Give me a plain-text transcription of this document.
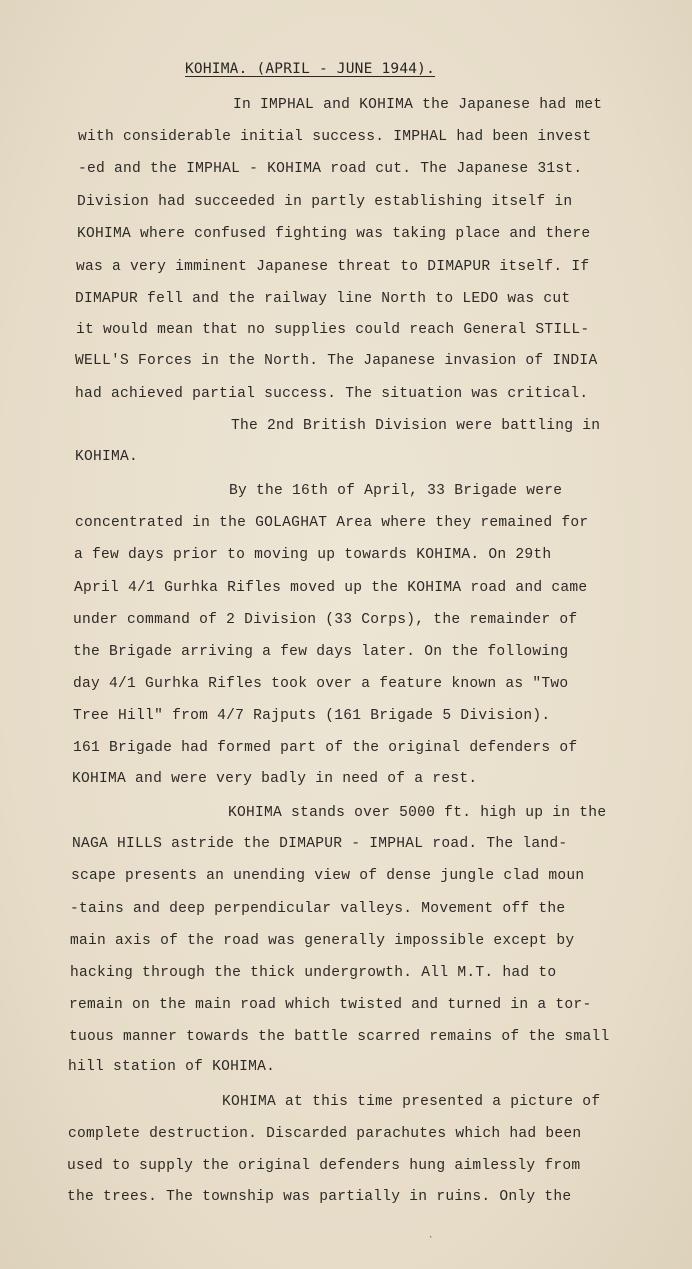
KOHIMA. (APRIL - JUNE 1944).

In IMPHAL and KOHIMA the Japanese had met

with considerable initial success. IMPHAL had been invest

-ed and the IMPHAL - KOHIMA road cut. The Japanese 31st.

Division had succeeded in partly establishing itself in

KOHIMA where confused fighting was taking place and there

was a very imminent Japanese threat to DIMAPUR itself. If

DIMAPUR fell and the railway line North to LEDO was cut

it would mean that no supplies could reach General STILL-

WELL'S Forces in the North. The Japanese invasion of INDIA

had achieved partial success. The situation was critical.

The 2nd British Division were battling in

KOHIMA.

By the 16th of April, 33 Brigade were

concentrated in the GOLAGHAT Area where they remained for

a few days prior to moving up towards KOHIMA. On 29th

April 4/1 Gurhka Rifles moved up the KOHIMA road and came

under command of 2 Division (33 Corps), the remainder of

the Brigade arriving a few days later. On the following

day 4/1 Gurhka Rifles took over a feature known as "Two

Tree Hill" from 4/7 Rajputs (161 Brigade 5 Division).

161 Brigade had formed part of the original defenders of

KOHIMA and were very badly in need of a rest.

KOHIMA stands over 5000 ft. high up in the

NAGA HILLS astride the DIMAPUR - IMPHAL road. The land-

scape presents an unending view of dense jungle clad moun

-tains and deep perpendicular valleys. Movement off the

main axis of the road was generally impossible except by

hacking through the thick undergrowth. All M.T. had to

remain on the main road which twisted and turned in a tor-

tuous manner towards the battle scarred remains of the small

hill station of KOHIMA.

KOHIMA at this time presented a picture of

complete destruction. Discarded parachutes which had been

used to supply the original defenders hung aimlessly from

the trees. The township was partially in ruins. Only the

·
